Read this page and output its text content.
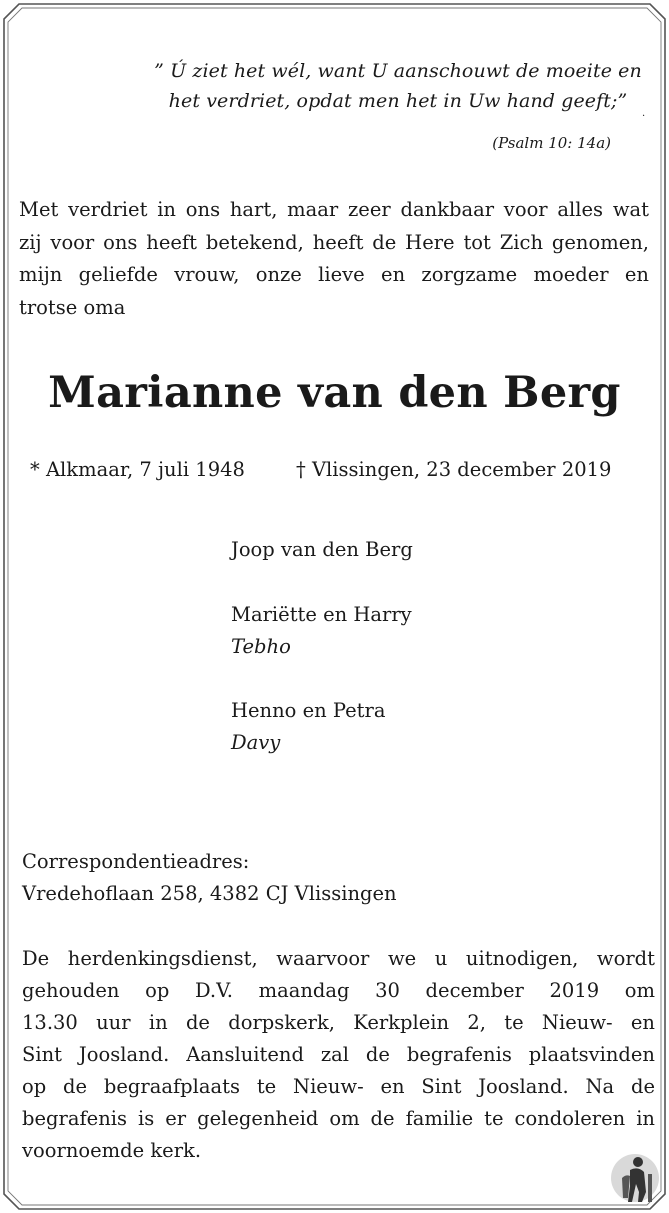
” Ú ziet het wél, want U aanschouwt de moeite en
het verdriet, opdat men het in Uw hand geeft;”
.
(Psalm 10: 14a)
Met verdriet in ons hart, maar zeer dankbaar voor alles wat
zij voor ons heeft betekend, heeft de Here tot Zich genomen,
mijn geliefde vrouw, onze lieve en zorgzame moeder en
trotse oma
Marianne van den Berg
* Alkmaar, 7 juli 1948	† Vlissingen, 23 december 2019
Joop van den Berg
Mariëtte en Harry
Tebho
Henno en Petra
Davy
Correspondentieadres:
Vredehoflaan 258, 4382 CJ Vlissingen
De herdenkingsdienst, waarvoor we u uitnodigen, wordt
gehouden op D.V. maandag 30 december 2019 om
13.30 uur in de dorpskerk, Kerkplein 2, te Nieuw- en
Sint Joosland. Aansluitend zal de begrafenis plaatsvinden
op de begraafplaats te Nieuw- en Sint Joosland. Na de
begrafenis is er gelegenheid om de familie te condoleren in
voornoemde kerk.
